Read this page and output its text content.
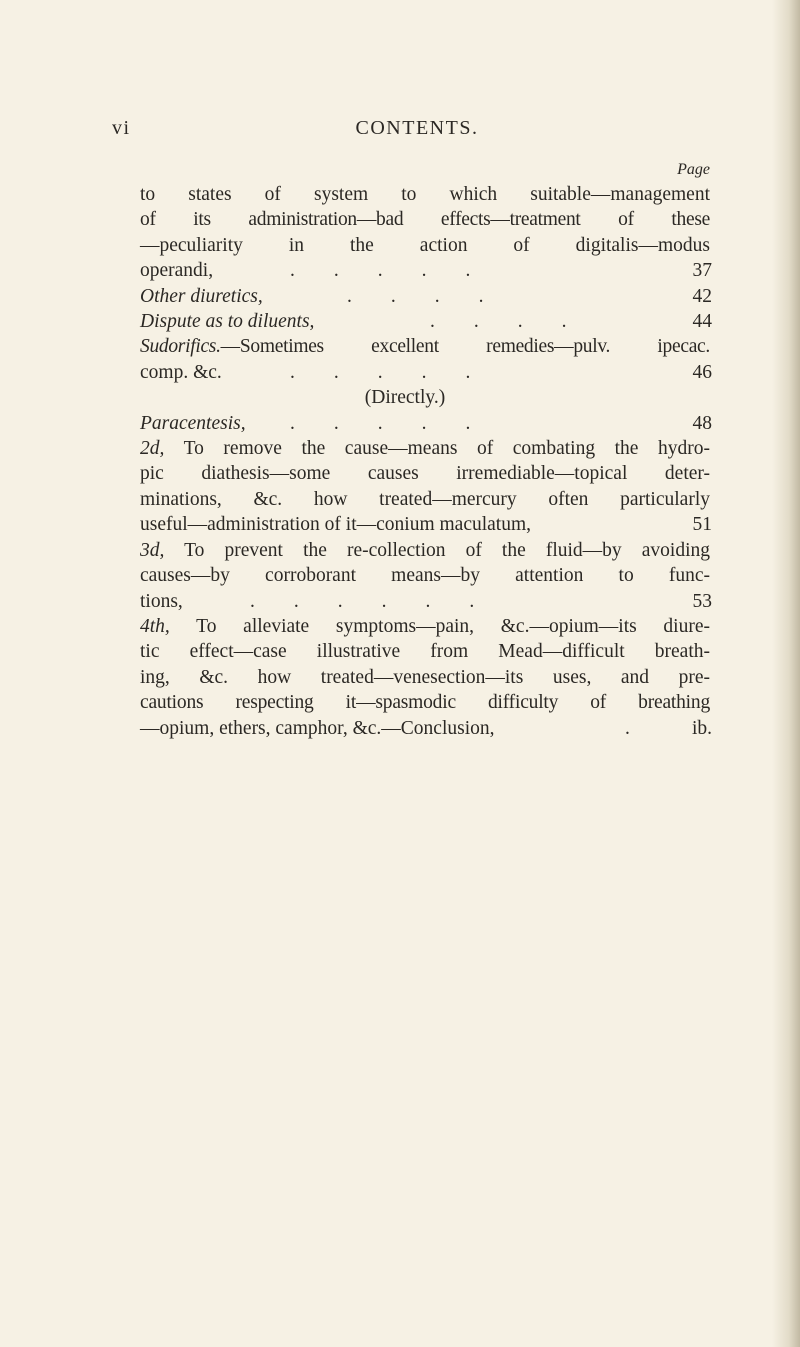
vi	CONTENTS.
Page
to states of system to which suitable—management
of its administration—bad effects—treatment of these
—peculiarity in the action of digitalis—modus
operandi,	.        .        .        .        .	37
Other diuretics,	.        .        .        .	42
Dispute as to diluents,	.        .        .        .	44
Sudorifics.—Sometimes excellent remedies—pulv. ipecac.
comp. &c.	.        .        .        .        .	46
(Directly.)
Paracentesis, .        .        .        .        .	48
2d, To remove the cause—means of combating the hydro-
pic diathesis—some causes irremediable—topical deter-
minations, &c. how treated—mercury often particularly
useful—administration of it—conium maculatum,	51
3d, To prevent the re-collection of the fluid—by avoiding
causes—by corroborant means—by attention to func-
tions,	.        .        .        .        .        .	53
4th, To alleviate symptoms—pain, &c.—opium—its diure-
tic effect—case illustrative from Mead—difficult breath-
ing, &c. how treated—venesection—its uses, and pre-
cautions respecting it—spasmodic difficulty of breathing
—opium, ethers, camphor, &c.—Conclusion,	.	ib.
